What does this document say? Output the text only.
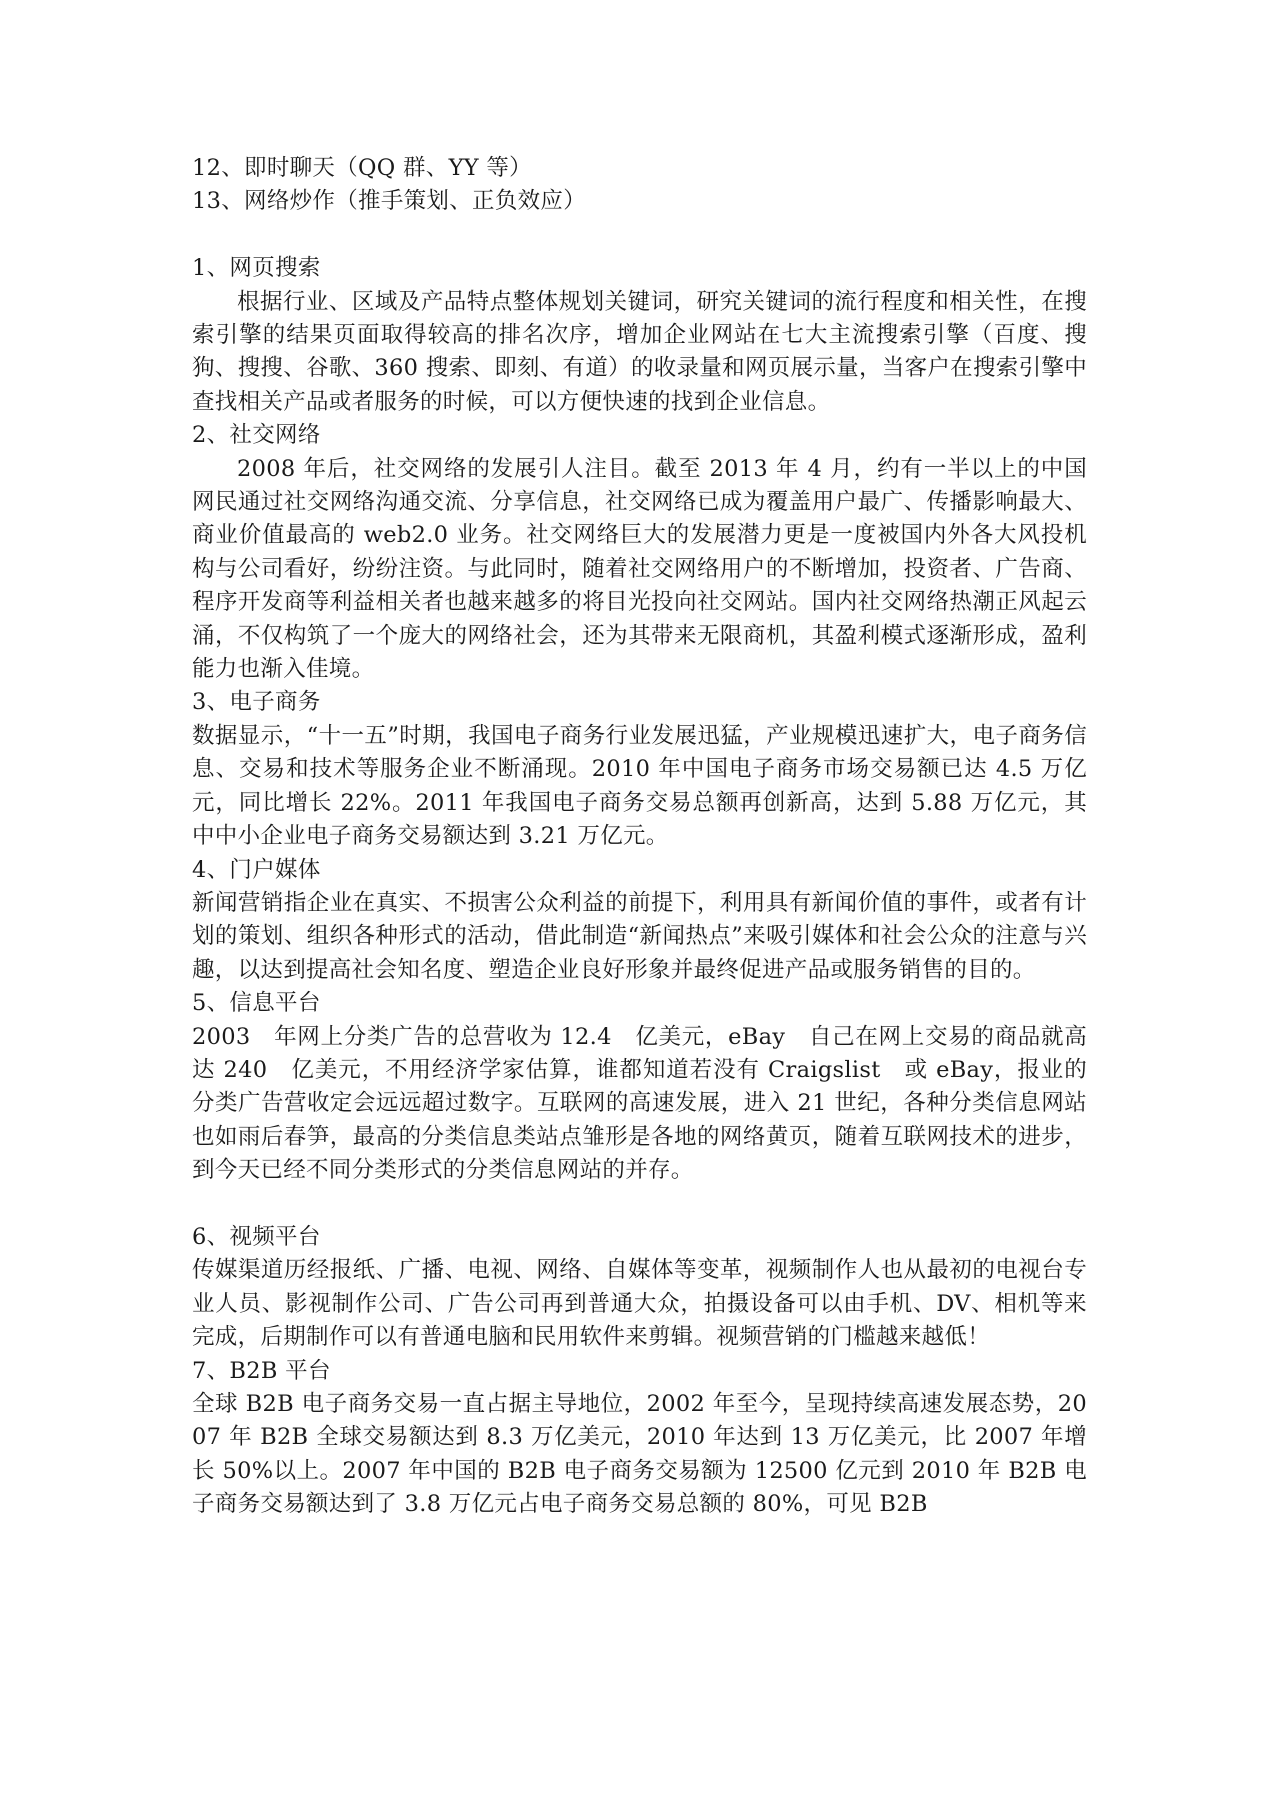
12、即时聊天（QQ 群、YY 等）

13、网络炒作（推手策划、正负效应）

1、网页搜索

根据行业、区域及产品特点整体规划关键词，研究关键词的流行程度和相关性，在搜索引擎的结果页面取得较高的排名次序，增加企业网站在七大主流搜索引擎（百度、搜狗、搜搜、谷歌、360 搜索、即刻、有道）的收录量和网页展示量，当客户在搜索引擎中查找相关产品或者服务的时候，可以方便快速的找到企业信息。

2、社交网络

2008 年后，社交网络的发展引人注目。截至 2013 年 4 月，约有一半以上的中国网民通过社交网络沟通交流、分享信息，社交网络已成为覆盖用户最广、传播影响最大、商业价值最高的 web2.0 业务。社交网络巨大的发展潜力更是一度被国内外各大风投机构与公司看好，纷纷注资。与此同时，随着社交网络用户的不断增加，投资者、广告商、程序开发商等利益相关者也越来越多的将目光投向社交网站。国内社交网络热潮正风起云涌，不仅构筑了一个庞大的网络社会，还为其带来无限商机，其盈利模式逐渐形成，盈利能力也渐入佳境。

3、电子商务

数据显示，“十一五”时期，我国电子商务行业发展迅猛，产业规模迅速扩大，电子商务信息、交易和技术等服务企业不断涌现。2010 年中国电子商务市场交易额已达 4.5 万亿元，同比增长 22%。2011 年我国电子商务交易总额再创新高，达到 5.88 万亿元，其中中小企业电子商务交易额达到 3.21 万亿元。

4、门户媒体

新闻营销指企业在真实、不损害公众利益的前提下，利用具有新闻价值的事件，或者有计划的策划、组织各种形式的活动，借此制造“新闻热点”来吸引媒体和社会公众的注意与兴趣，以达到提高社会知名度、塑造企业良好形象并最终促进产品或服务销售的目的。

5、信息平台

2003　年网上分类广告的总营收为 12.4　亿美元，eBay　自己在网上交易的商品就高达 240　亿美元，不用经济学家估算，谁都知道若没有 Craigslist　或 eBay，报业的分类广告营收定会远远超过数字。互联网的高速发展，进入 21 世纪，各种分类信息网站也如雨后春笋，最高的分类信息类站点雏形是各地的网络黄页，随着互联网技术的进步，到今天已经不同分类形式的分类信息网站的并存。

6、视频平台

传媒渠道历经报纸、广播、电视、网络、自媒体等变革，视频制作人也从最初的电视台专业人员、影视制作公司、广告公司再到普通大众，拍摄设备可以由手机、DV、相机等来完成，后期制作可以有普通电脑和民用软件来剪辑。视频营销的门槛越来越低！

7、B2B 平台

全球 B2B 电子商务交易一直占据主导地位，2002 年至今，呈现持续高速发展态势，2007 年 B2B 全球交易额达到 8.3 万亿美元，2010 年达到 13 万亿美元，比 2007 年增长 50%以上。2007 年中国的 B2B 电子商务交易额为 12500 亿元到 2010 年 B2B 电子商务交易额达到了 3.8 万亿元占电子商务交易总额的 80%，可见 B2B
